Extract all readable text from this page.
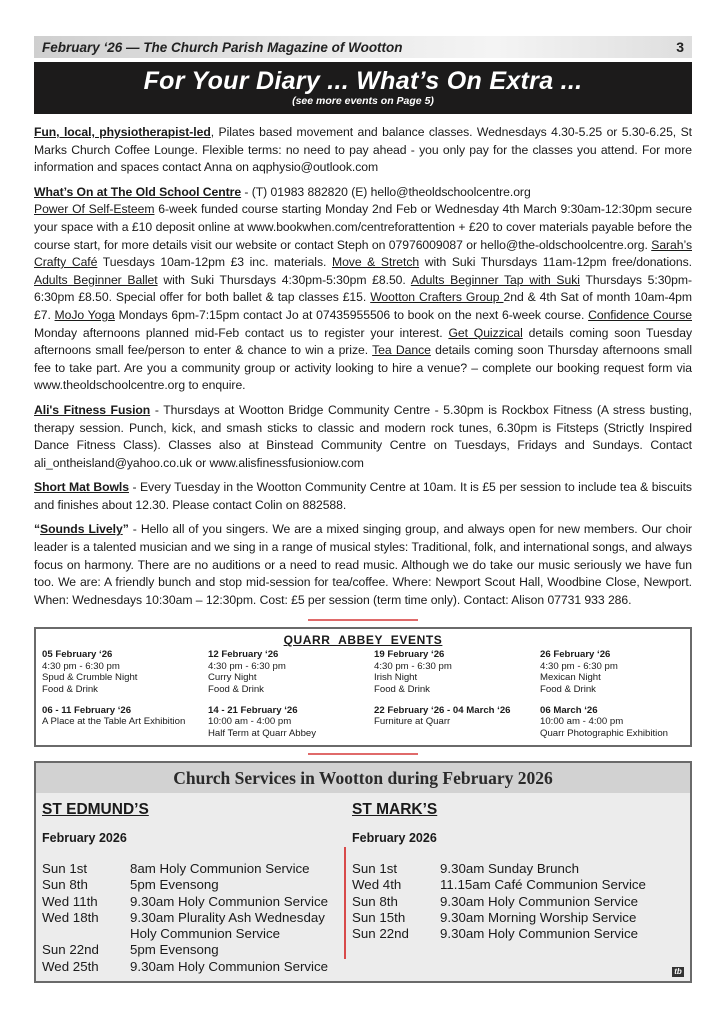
February ‘26 — The Church Parish Magazine of Wootton	3
For Your Diary ... What’s On Extra ...
(see more events on Page 5)

Fun, local, physiotherapist-led, Pilates based movement and balance classes. Wednesdays 4.30-5.25 or 5.30-6.25, St Marks Church Coffee Lounge. Flexible terms: no need to pay ahead - you only pay for the classes you attend. For more information and spaces contact Anna on aqphysio@outlook.com

What’s On at The Old School Centre - (T) 01983 882820 (E) hello@theoldschoolcentre.org
Power Of Self-Esteem 6-week funded course starting Monday 2nd Feb or Wednesday 4th March 9:30am-12:30pm secure your space with a £10 deposit online at www.bookwhen.com/centreforattention + £20 to cover materials payable before the course start, for more details visit our website or contact Steph on 07976009087 or hello@the-oldschoolcentre.org. Sarah’s Crafty Café Tuesdays 10am-12pm £3 inc. materials. Move & Stretch with Suki Thursdays 11am-12pm free/donations. Adults Beginner Ballet with Suki Thursdays 4:30pm-5:30pm £8.50. Adults Beginner Tap with Suki Thursdays 5:30pm-6:30pm £8.50. Special offer for both ballet & tap classes £15. Wootton Crafters Group 2nd & 4th Sat of month 10am-4pm £7. MoJo Yoga Mondays 6pm-7:15pm contact Jo at 07435955506 to book on the next 6-week course. Confidence Course Monday afternoons planned mid-Feb contact us to register your interest. Get Quizzical details coming soon Tuesday afternoons small fee/person to enter & chance to win a prize. Tea Dance details coming soon Thursday afternoons small fee to take part. Are you a community group or activity looking to hire a venue? – complete our booking request form via www.theoldschoolcentre.org to enquire.

Ali's Fitness Fusion - Thursdays at Wootton Bridge Community Centre - 5.30pm is Rockbox Fitness (A stress busting, therapy session. Punch, kick, and smash sticks to classic and modern rock tunes, 6.30pm is Fitsteps (Strictly Inspired Dance Fitness Class). Classes also at Binstead Community Centre on Tuesdays, Fridays and Sundays. Contact ali_ontheisland@yahoo.co.uk or www.alisfinessfusioniow.com

Short Mat Bowls - Every Tuesday in the Wootton Community Centre at 10am. It is £5 per session to include tea & biscuits and finishes about 12.30. Please contact Colin on 882588.

“Sounds Lively” - Hello all of you singers. We are a mixed singing group, and always open for new members. Our choir leader is a talented musician and we sing in a range of musical styles: Traditional, folk, and international songs, and always focus on harmony. There are no auditions or a need to read music. Although we do take our music seriously we have fun too. We are: A friendly bunch and stop mid-session for tea/coffee. Where: Newport Scout Hall, Woodbine Close, Newport. When: Wednesdays 10:30am – 12:30pm. Cost: £5 per session (term time only). Contact: Alison 07731 933 286.

QUARR ABBEY EVENTS
05 February ‘26
4:30 pm - 6:30 pm
Spud & Crumble Night
Food & Drink
12 February ‘26
4:30 pm - 6:30 pm
Curry Night
Food & Drink
19 February ‘26
4:30 pm - 6:30 pm
Irish Night
Food & Drink
26 February ‘26
4:30 pm - 6:30 pm
Mexican Night
Food & Drink
06 - 11 February ‘26
A Place at the Table Art Exhibition
14 - 21 February ‘26
10:00 am - 4:00 pm
Half Term at Quarr Abbey
22 February ‘26 - 04 March ‘26
Furniture at Quarr
06 March ‘26
10:00 am - 4:00 pm
Quarr Photographic Exhibition
Church Services in Wootton during February 2026
ST EDMUND’S
February 2026
Sun 1st	8am Holy Communion Service
Sun 8th	5pm Evensong
Wed 11th	9.30am Holy Communion Service
Wed 18th	9.30am Plurality Ash Wednesday
Holy Communion Service
Sun 22nd	5pm Evensong
Wed 25th	9.30am Holy Communion Service
ST MARK’S
February 2026
Sun 1st	9.30am Sunday Brunch
Wed 4th	11.15am Café Communion Service
Sun 8th	9.30am Holy Communion Service
Sun 15th	9.30am Morning Worship Service
Sun 22nd	9.30am Holy Communion Service
tb
